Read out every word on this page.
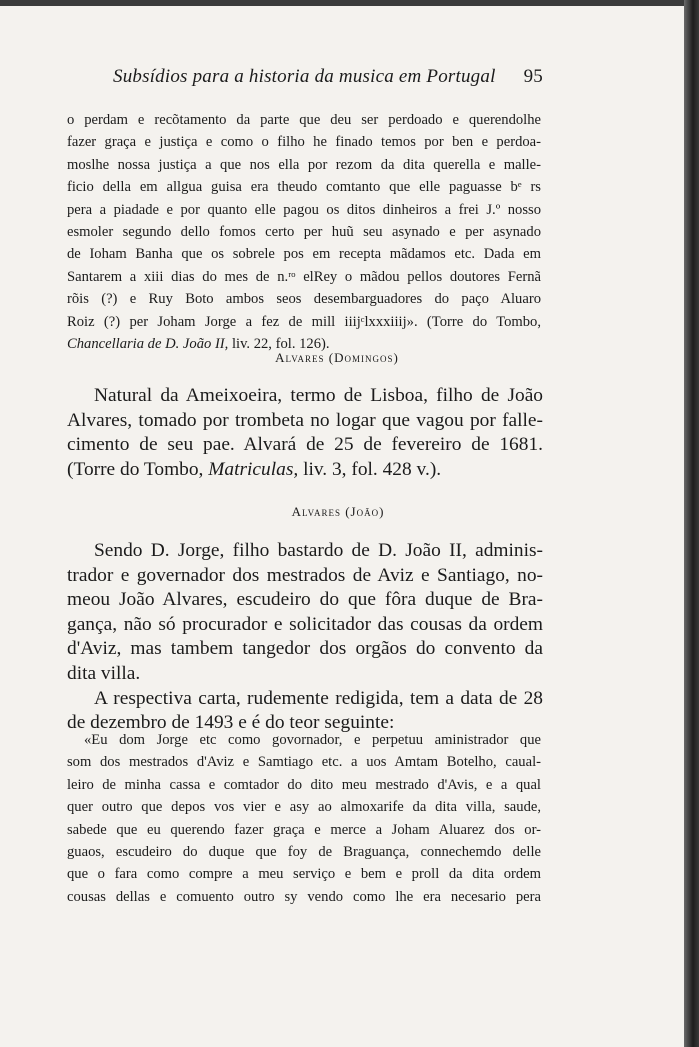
Subsídios para a historia da musica em Portugal 95

o perdam e recõtamento da parte que deu ser perdoado e querendolhe

fazer graça e justiça e como o filho he finado temos por ben e perdoa-

moslhe nossa justiça a que nos ella por rezom da dita querella e malle-

ficio della em allgua guisa era theudo comtanto que elle paguasse bᵉ rs

pera a piadade e por quanto elle pagou os ditos dinheiros a frei J.º nosso

esmoler segundo dello fomos certo per huũ seu asynado e per asynado

de Ioham Banha que os sobrele pos em recepta mãdamos etc. Dada em

Santarem a xiii dias do mes de n.ʳᵒ elRey o mãdou pellos doutores Fernã

rõis (?) e Ruy Boto ambos seos desembarguadores do paço Aluaro

Roiz (?) per Joham Jorge a fez de mill iiijᶜlxxxiiij». (Torre do Tombo,

Chancellaria de D. João II, liv. 22, fol. 126).

Alvares (Domingos)

Natural da Ameixoeira, termo de Lisboa, filho de João

Alvares, tomado por trombeta no logar que vagou por falle-

cimento de seu pae. Alvará de 25 de fevereiro de 1681.

(Torre do Tombo, Matriculas, liv. 3, fol. 428 v.).

Alvares (João)

Sendo D. Jorge, filho bastardo de D. João II, adminis-

trador e governador dos mestrados de Aviz e Santiago, no-

meou João Alvares, escudeiro do que fôra duque de Bra-

gança, não só procurador e solicitador das cousas da ordem

d'Aviz, mas tambem tangedor dos orgãos do convento da

dita villa.

A respectiva carta, rudemente redigida, tem a data de 28

de dezembro de 1493 e é do teor seguinte:

«Eu dom Jorge etc como govornador, e perpetuu aministrador que

som dos mestrados d'Aviz e Samtiago etc. a uos Amtam Botelho, caual-

leiro de minha cassa e comtador do dito meu mestrado d'Avis, e a qual

quer outro que depos vos vier e asy ao almoxarife da dita villa, saude,

sabede que eu querendo fazer graça e merce a Joham Aluarez dos or-

guaos, escudeiro do duque que foy de Braguança, connechemdo delle

que o fara como compre a meu serviço e bem e proll da dita ordem

cousas dellas e comuento outro sy vendo como lhe era necesario pera
